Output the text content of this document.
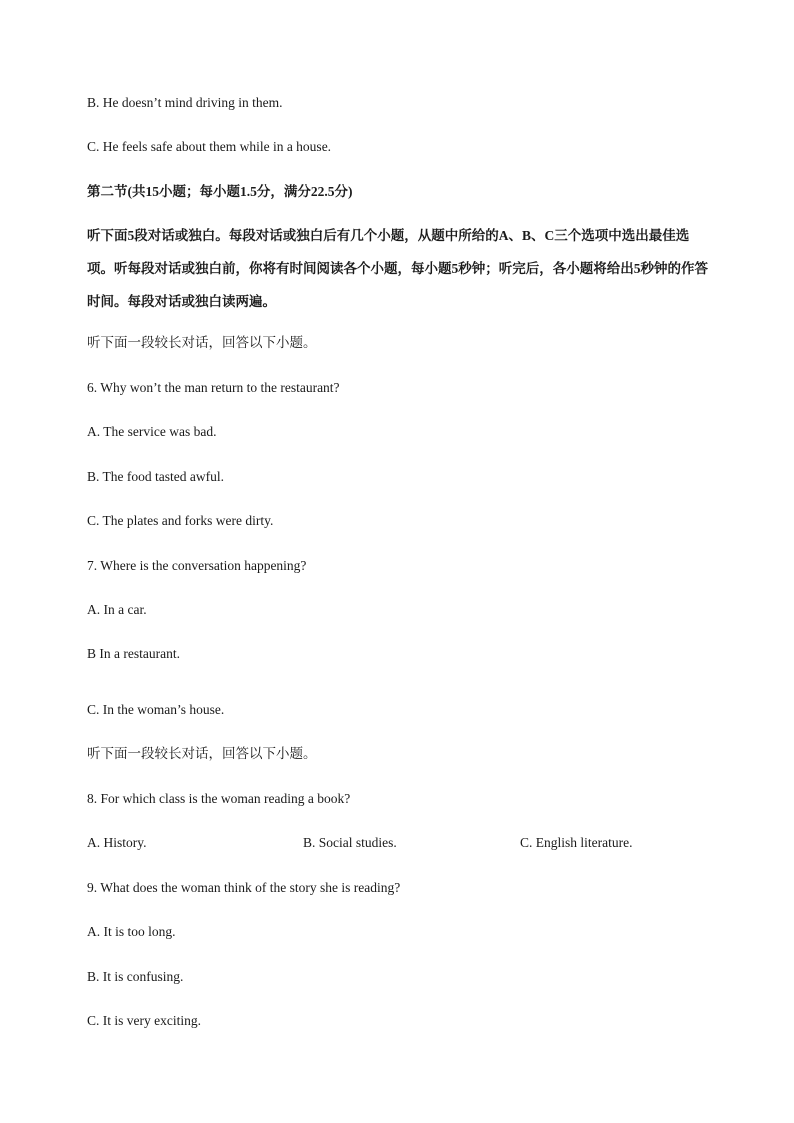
B. He doesn’t mind driving in them.
C. He feels safe about them while in a house.
第二节(共15小题；每小题1.5分，满分22.5分)
听下面5段对话或独白。每段对话或独白后有几个小题，从题中所给的A、B、C三个选项中选出最佳选项。听每段对话或独白前，你将有时间阅读各个小题，每小题5秒钟；听完后，各小题将给出5秒钟的作答时间。每段对话或独白读两遍。
听下面一段较长对话，回答以下小题。
6. Why won’t the man return to the restaurant?
A. The service was bad.
B. The food tasted awful.
C. The plates and forks were dirty.
7. Where is the conversation happening?
A. In a car.
B In a restaurant.
C. In the woman’s house.
听下面一段较长对话，回答以下小题。
8. For which class is the woman reading a book?
A. History.	B. Social studies.	C. English literature.
9. What does the woman think of the story she is reading?
A. It is too long.
B. It is confusing.
C. It is very exciting.
